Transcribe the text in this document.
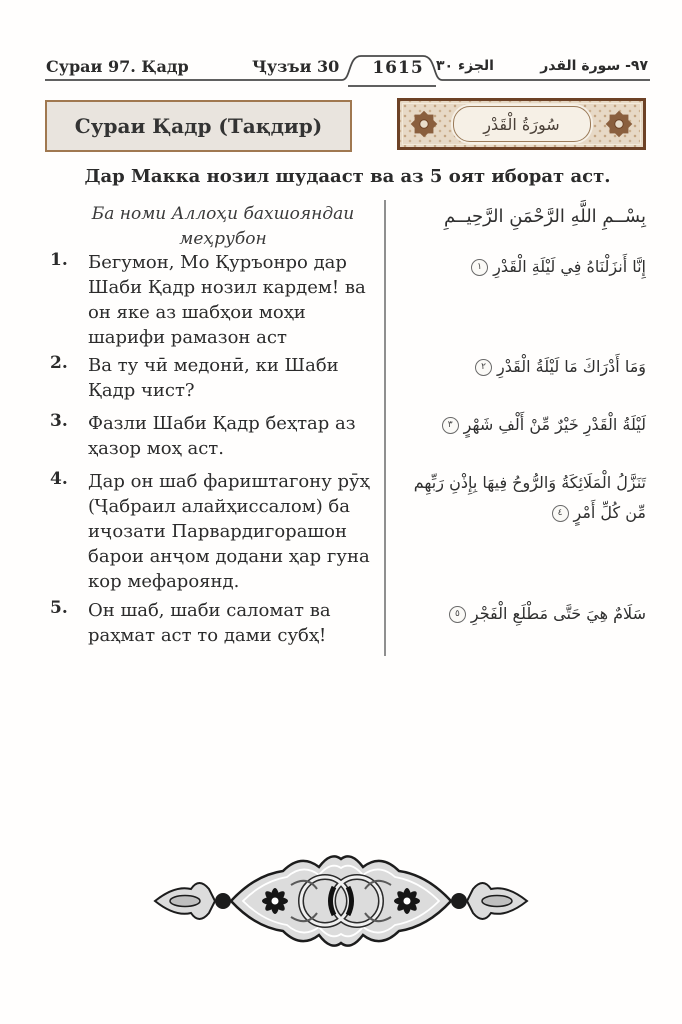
Сураи 97. Қадр	Ҷузъи 30	الجزء ٣٠	٩٧- سورة القدر
1615
Сураи Қадр (Тақдир)	سُورَةُ الْقَدْرِ
Дар Макка нозил шудааст ва аз 5 оят иборат аст.
Ба номи Аллоҳи бахшояндаи меҳрубон
بِسْــمِ اللَّهِ الرَّحْمَنِ الرَّحِيــمِ
1.	Бегумон, Мо Қуръонро дар Шаби Қадр нозил кардем! ва он яке аз шабҳои моҳи шарифи рамазон аст
2.	Ва ту чӣ медонӣ, ки Шаби Қадр чист?
3.	Фазли Шаби Қадр беҳтар аз ҳазор моҳ аст.
4.	Дар он шаб фариштагону рӯҳ (Ҷабраил алайҳиссалом) ба иҷозати Парвардигорашон барои анҷом додани ҳар гуна кор мефароянд.
5.	Он шаб, шаби саломат ва раҳмат аст то дами субҳ!
إِنَّا أَنزَلْنَاهُ فِي لَيْلَةِ الْقَدْرِ١
وَمَا أَدْرَاكَ مَا لَيْلَةُ الْقَدْرِ٢
لَيْلَةُ الْقَدْرِ خَيْرٌ مِّنْ أَلْفِ شَهْرٍ٣
تَنَزَّلُ الْمَلَائِكَةُ وَالرُّوحُ فِيهَا بِإِذْنِ رَبِّهِم مِّن كُلِّ أَمْرٍ٤
سَلَامٌ هِيَ حَتَّى مَطْلَعِ الْفَجْرِ٥
